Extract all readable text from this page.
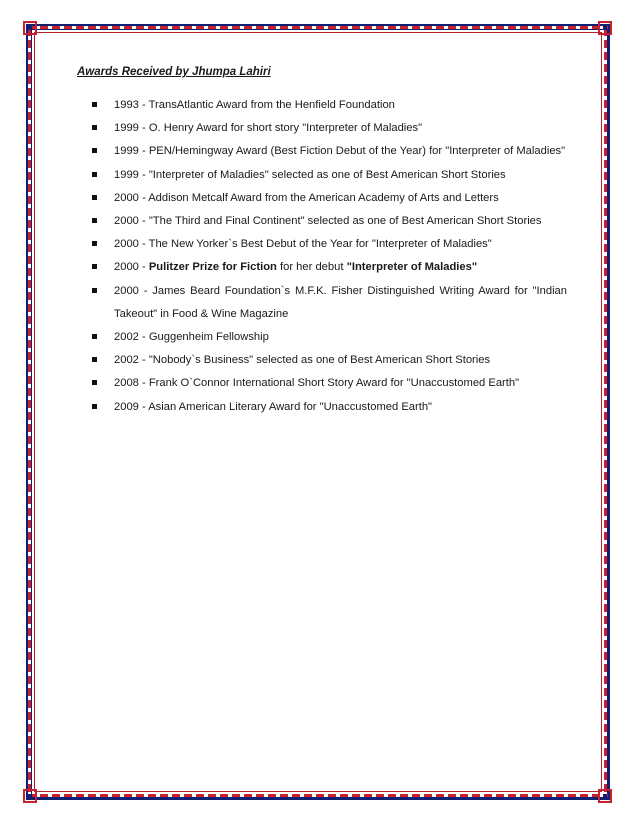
Awards Received by Jhumpa Lahiri
1993 - TransAtlantic Award from the Henfield Foundation
1999 - O. Henry Award for short story "Interpreter of Maladies"
1999 - PEN/Hemingway Award (Best Fiction Debut of the Year) for "Interpreter of Maladies"
1999 - "Interpreter of Maladies" selected as one of Best American Short Stories
2000 - Addison Metcalf Award from the American Academy of Arts and Letters
2000 - "The Third and Final Continent" selected as one of Best American Short Stories
2000 - The New Yorker`s Best Debut of the Year for "Interpreter of Maladies"
2000 - Pulitzer Prize for Fiction for her debut "Interpreter of Maladies"
2000 - James Beard Foundation`s M.F.K. Fisher Distinguished Writing Award for "Indian Takeout" in Food & Wine Magazine
2002 - Guggenheim Fellowship
2002 - "Nobody`s Business" selected as one of Best American Short Stories
2008 - Frank O`Connor International Short Story Award for "Unaccustomed Earth"
2009 - Asian American Literary Award for "Unaccustomed Earth"
